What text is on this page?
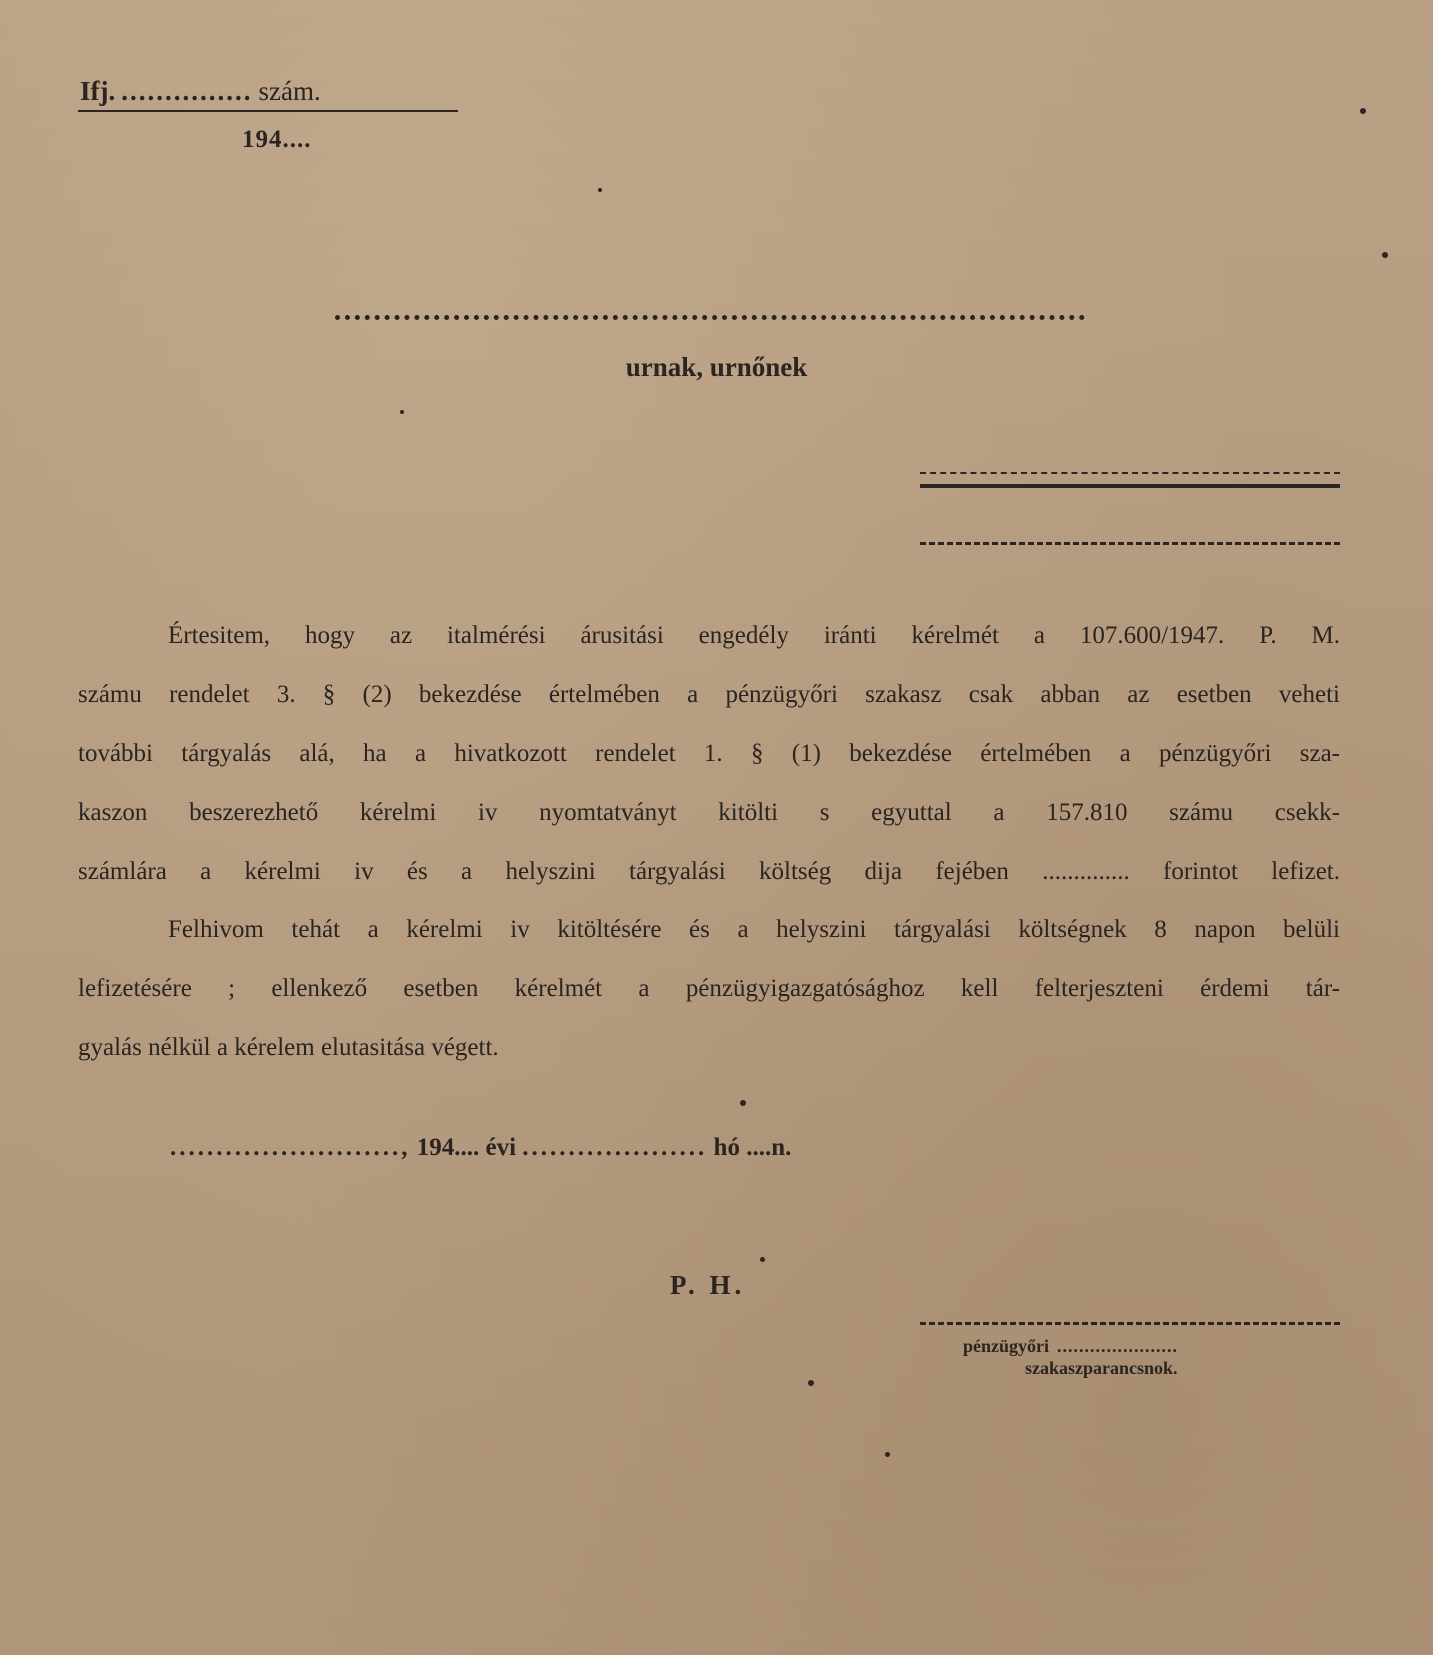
Ifj. ............... szám.
194....
urnak, urnőnek
Értesitem, hogy az italmérési árusitási engedély iránti kérelmét a 107.600/1947. P. M.
számu rendelet 3. § (2) bekezdése értelmében a pénzügyőri szakasz csak abban az esetben veheti
további tárgyalás alá, ha a hivatkozott rendelet 1. § (1) bekezdése értelmében a pénzügyőri sza-
kaszon beszerezhető kérelmi iv nyomtatványt kitölti s egyuttal a 157.810 számu csekk-
számlára a kérelmi iv és a helyszini tárgyalási költség dija fejében .............. forintot lefizet.
Felhivom tehát a kérelmi iv kitöltésére és a helyszini tárgyalási költségnek 8 napon belüli
lefizetésére ; ellenkező esetben kérelmét a pénzügyigazgatósághoz kell felterjeszteni érdemi tár-
gyalás nélkül a kérelem elutasitása végett.
........................., 194.... évi .................... hó ....n.
P. H.
pénzügyőri ......................
szakaszparancsnok.
